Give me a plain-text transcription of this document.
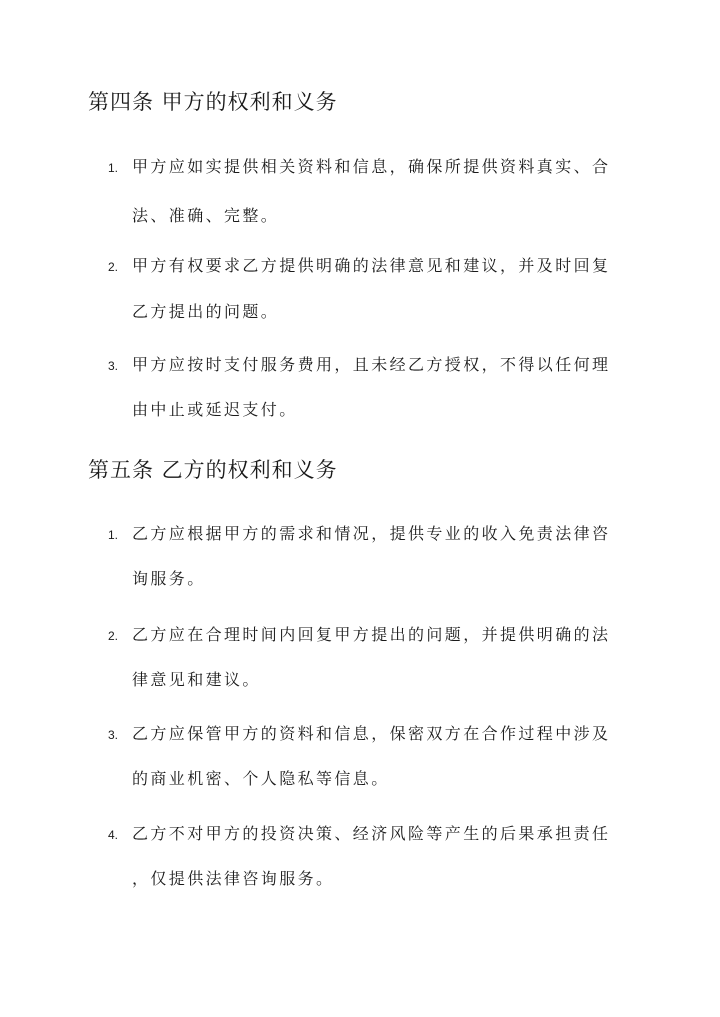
第四条 甲方的权利和义务
1. 甲方应如实提供相关资料和信息，确保所提供资料真实、合
法、准确、完整。
2. 甲方有权要求乙方提供明确的法律意见和建议，并及时回复
乙方提出的问题。
3. 甲方应按时支付服务费用，且未经乙方授权，不得以任何理
由中止或延迟支付。
第五条 乙方的权利和义务
1. 乙方应根据甲方的需求和情况，提供专业的收入免责法律咨
询服务。
2. 乙方应在合理时间内回复甲方提出的问题，并提供明确的法
律意见和建议。
3. 乙方应保管甲方的资料和信息，保密双方在合作过程中涉及
的商业机密、个人隐私等信息。
4. 乙方不对甲方的投资决策、经济风险等产生的后果承担责任
，仅提供法律咨询服务。
